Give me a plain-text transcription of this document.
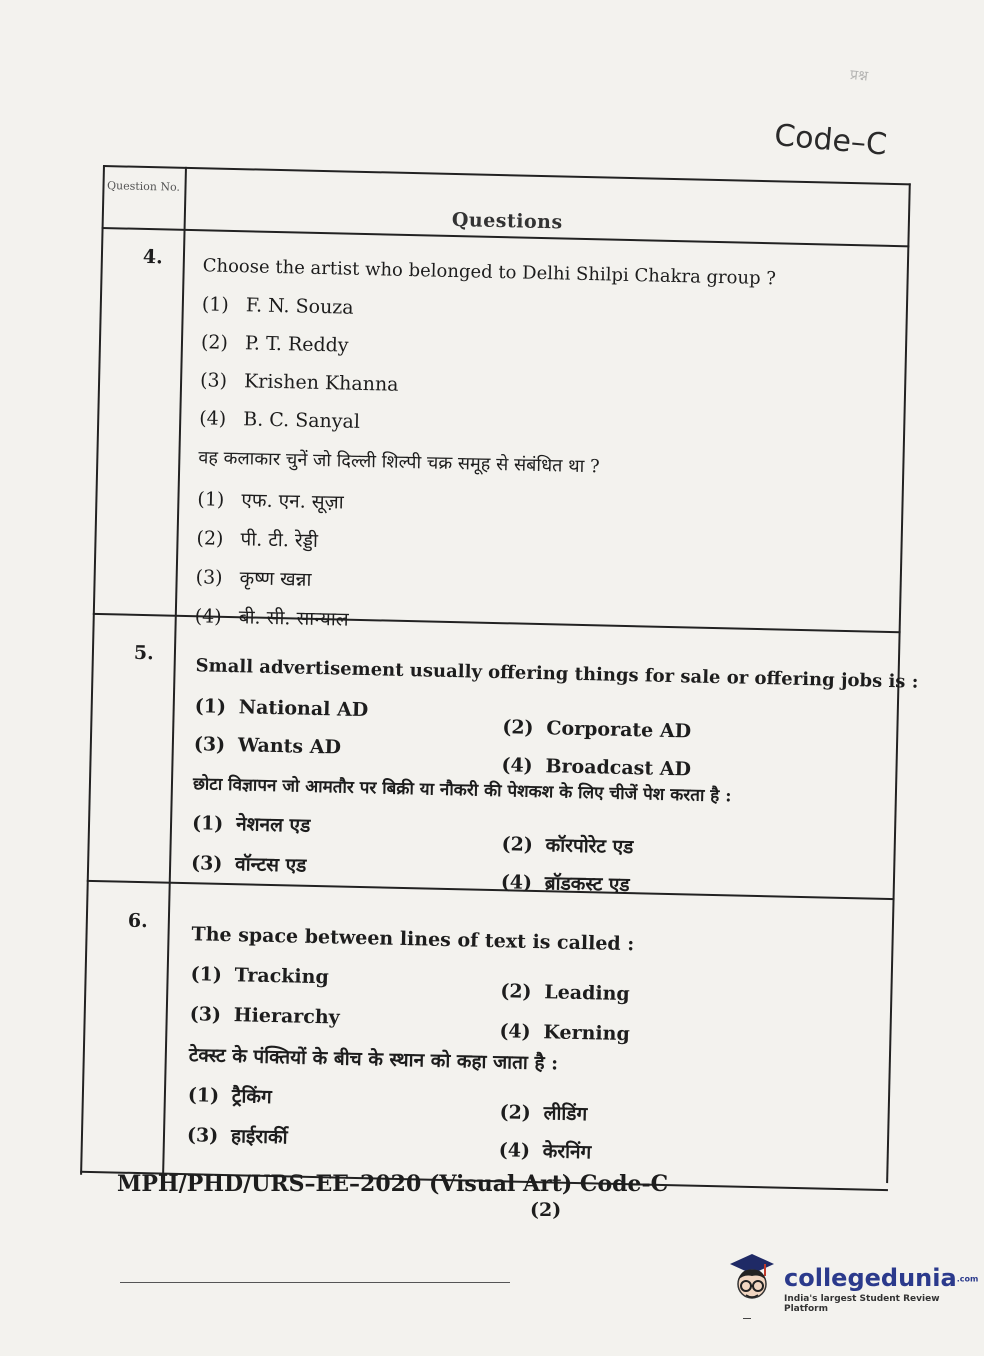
प्रश्न
Code–C
Question No.
Questions
4. Choose the artist who belonged to Delhi Shilpi Chakra group ?
(1) F. N. Souza
(2) P. T. Reddy
(3) Krishen Khanna
(4) B. C. Sanyal
वह कलाकार चुनें जो दिल्ली शिल्पी चक्र समूह से संबंधित था ?
(1) एफ. एन. सूज़ा
(2) पी. टी. रेड्डी
(3) कृष्ण खन्ना
(4) बी. सी. सान्याल
5.
Small advertisement usually offering things for sale or offering jobs is :
(1) National AD
(2) Corporate AD
(3) Wants AD
(4) Broadcast AD
छोटा विज्ञापन जो आमतौर पर बिक्री या नौकरी की पेशकश के लिए चीजें पेश करता है :
(1) नेशनल एड
(2) कॉरपोरेट एड
(3) वॉन्टस एड
(4) ब्रॉडकस्ट एड
6.
The space between lines of text is called :
(1) Tracking
(2) Leading
(3) Hierarchy
(4) Kerning
टेक्स्ट के पंक्तियों के बीच के स्थान को कहा जाता है :
(1) ट्रैकिंग
(2) लीडिंग
(3) हाईरार्की
(4) केरनिंग
MPH/PHD/URS–EE–2020 (Visual Art) Code-C
(2)
collegedunia.com
India's largest Student Review Platform
